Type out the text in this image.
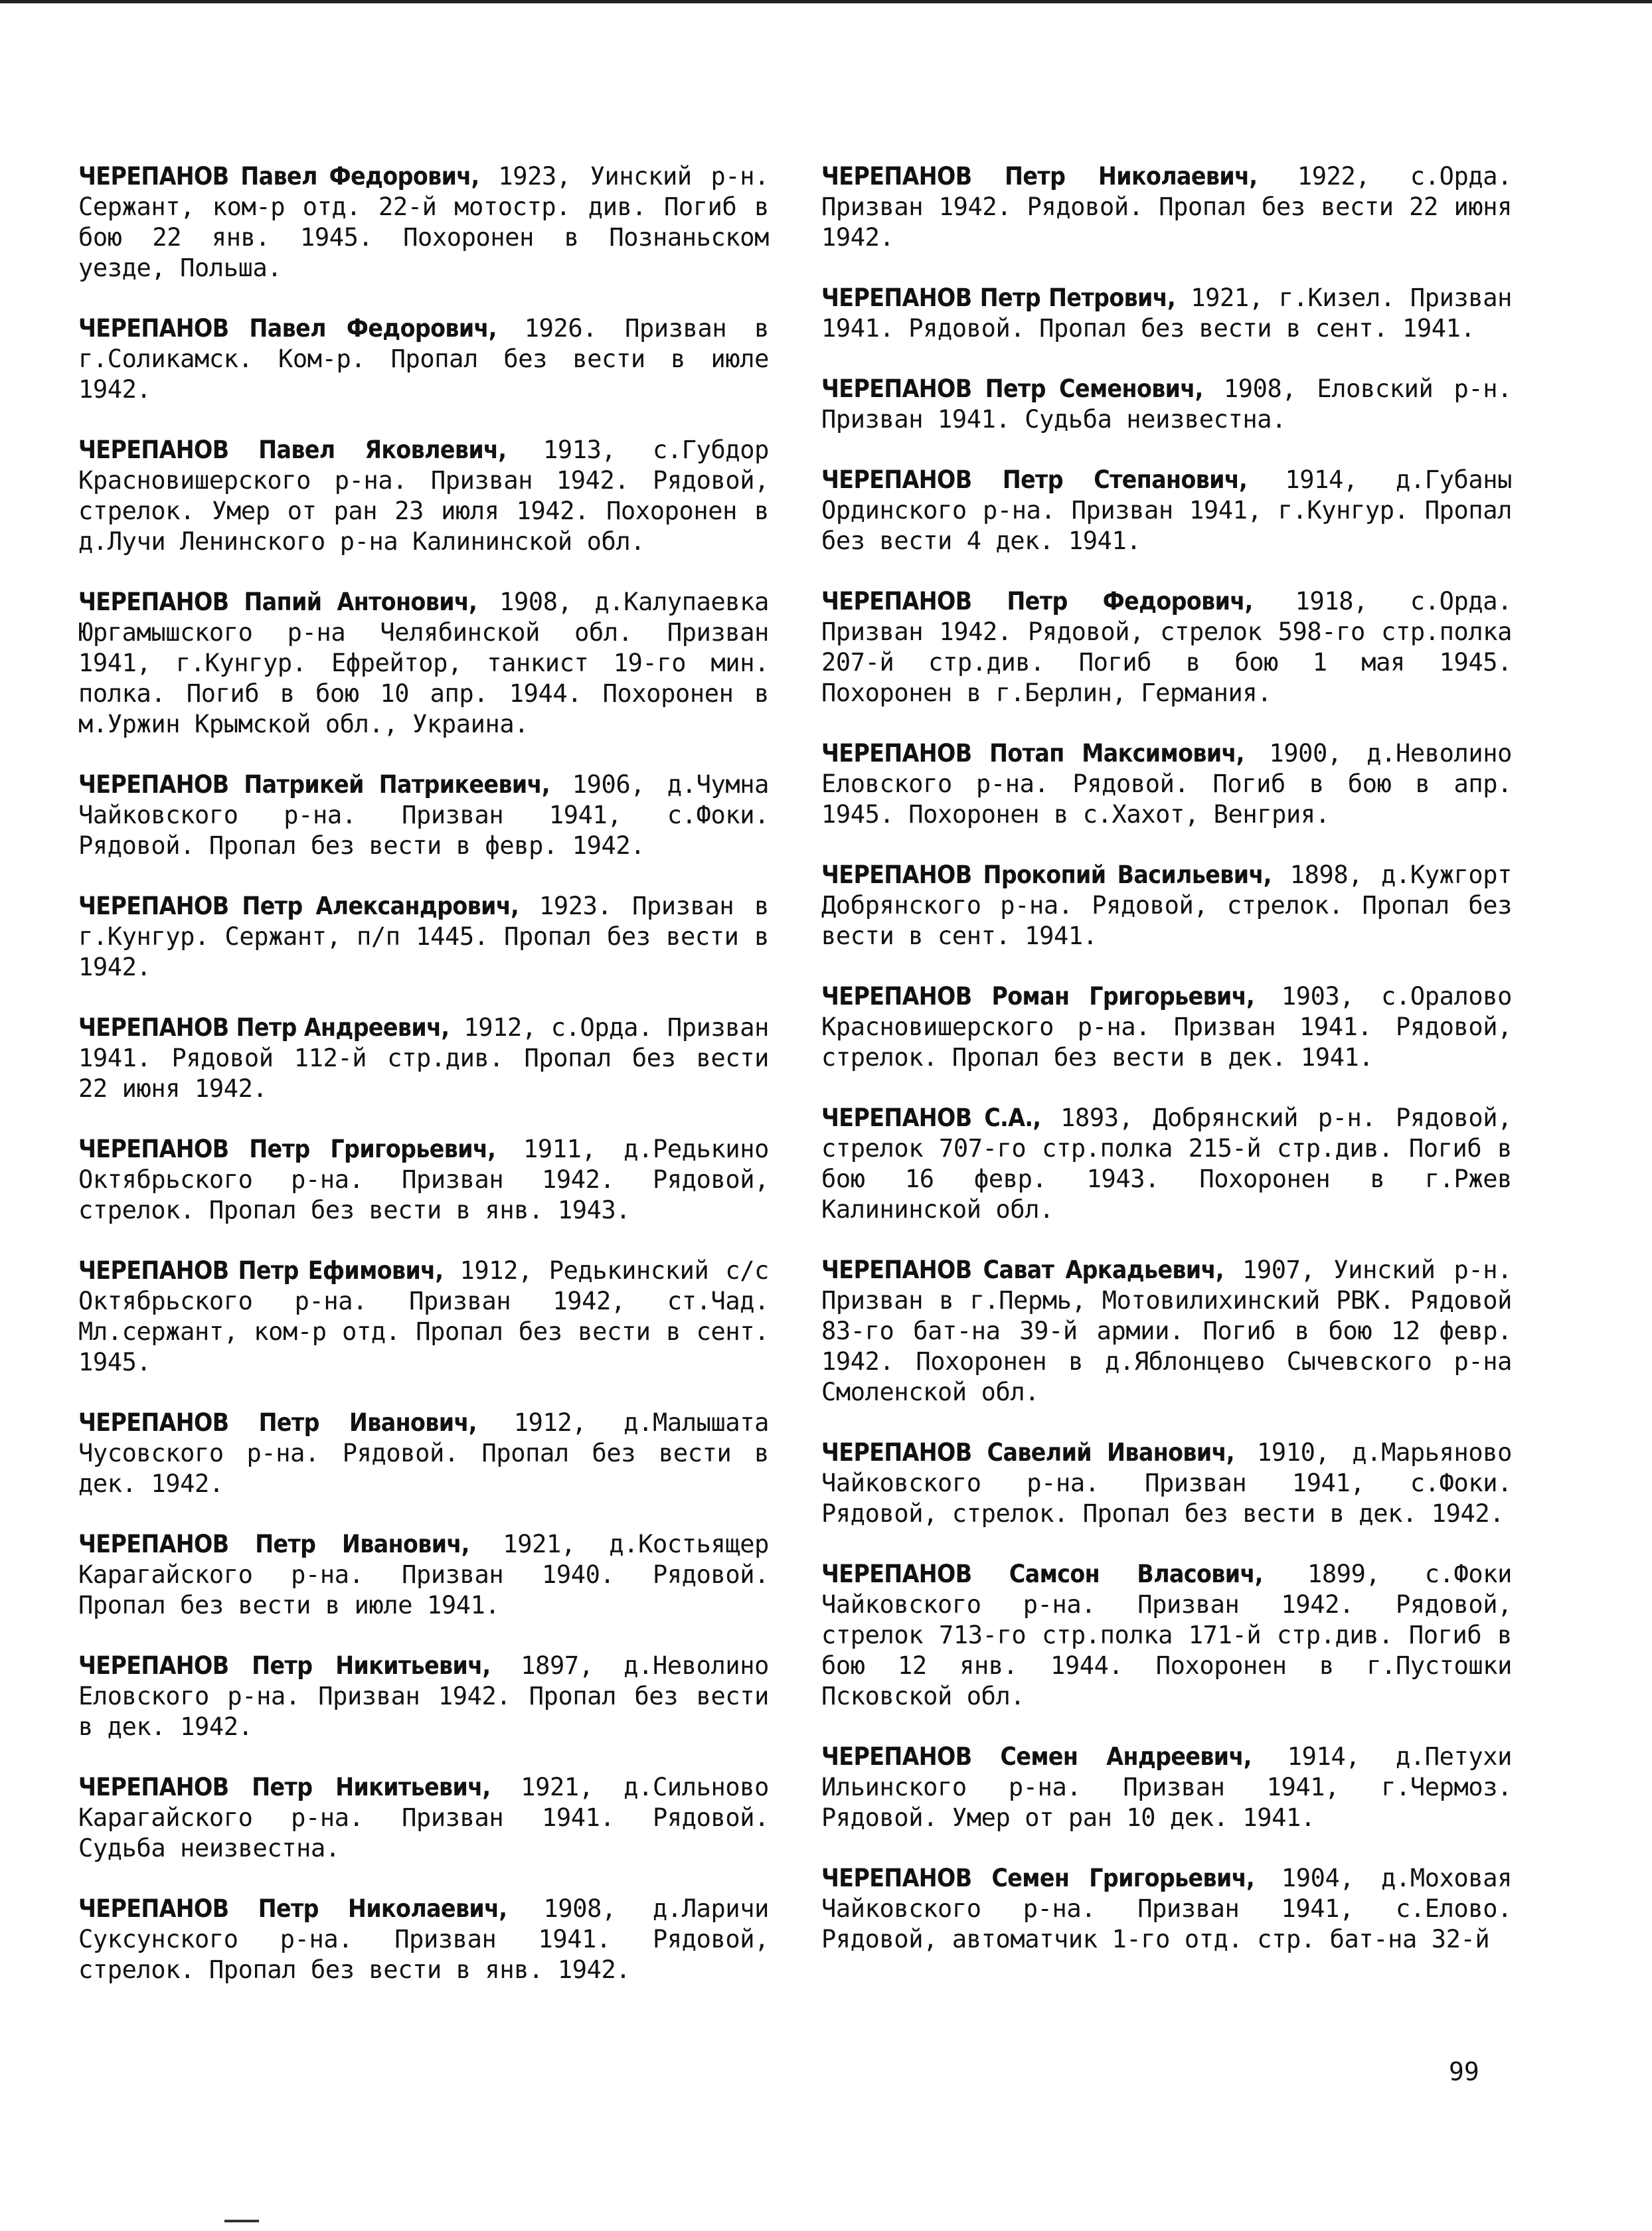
ЧЕРЕПАНОВ Павел Федорович, 1923, Уинский р-н. Сержант, ком-р отд. 22-й мотостр. див. Погиб в бою 22 янв. 1945. Похоронен в Познаньском уезде, Польша.

ЧЕРЕПАНОВ Павел Федорович, 1926. Призван в г.Соликамск. Ком-р. Пропал без вести в июле 1942.

ЧЕРЕПАНОВ Павел Яковлевич, 1913, с.Губдор Красновишерского р-на. Призван 1942. Рядовой, стрелок. Умер от ран 23 июля 1942. Похоронен в д.Лучи Ленинского р-на Калининской обл.

ЧЕРЕПАНОВ Папий Антонович, 1908, д.Калупаевка Юргамышского р-на Челябинской обл. Призван 1941, г.Кунгур. Ефрейтор, танкист 19-го мин. полка. Погиб в бою 10 апр. 1944. Похоронен в м.Уржин Крымской обл., Украина.

ЧЕРЕПАНОВ Патрикей Патрикеевич, 1906, д.Чумна Чайковского р-на. Призван 1941, с.Фоки. Рядовой. Пропал без вести в февр. 1942.

ЧЕРЕПАНОВ Петр Александрович, 1923. Призван в г.Кунгур. Сержант, п/п 1445. Пропал без вести в 1942.

ЧЕРЕПАНОВ Петр Андреевич, 1912, с.Орда. Призван 1941. Рядовой 112-й стр.див. Пропал без вести 22 июня 1942.

ЧЕРЕПАНОВ Петр Григорьевич, 1911, д.Редькино Октябрьского р-на. Призван 1942. Рядовой, стрелок. Пропал без вести в янв. 1943.

ЧЕРЕПАНОВ Петр Ефимович, 1912, Редькинский с/с Октябрьского р-на. Призван 1942, ст.Чад. Мл.сержант, ком-р отд. Пропал без вести в сент. 1945.

ЧЕРЕПАНОВ Петр Иванович, 1912, д.Малышата Чусовского р-на. Рядовой. Пропал без вести в дек. 1942.

ЧЕРЕПАНОВ Петр Иванович, 1921, д.Костьящер Карагайского р-на. Призван 1940. Рядовой. Пропал без вести в июле 1941.

ЧЕРЕПАНОВ Петр Никитьевич, 1897, д.Неволино Еловского р-на. Призван 1942. Пропал без вести в дек. 1942.

ЧЕРЕПАНОВ Петр Никитьевич, 1921, д.Сильново Карагайского р-на. Призван 1941. Рядовой. Судьба неизвестна.

ЧЕРЕПАНОВ Петр Николаевич, 1908, д.Ларичи Суксунского р-на. Призван 1941. Рядовой, стрелок. Пропал без вести в янв. 1942.

ЧЕРЕПАНОВ Петр Николаевич, 1922, с.Орда. Призван 1942. Рядовой. Пропал без вести 22 июня 1942.

ЧЕРЕПАНОВ Петр Петрович, 1921, г.Кизел. Призван 1941. Рядовой. Пропал без вести в сент. 1941.

ЧЕРЕПАНОВ Петр Семенович, 1908, Еловский р-н. Призван 1941. Судьба неизвестна.

ЧЕРЕПАНОВ Петр Степанович, 1914, д.Губаны Ординского р-на. Призван 1941, г.Кунгур. Пропал без вести 4 дек. 1941.

ЧЕРЕПАНОВ Петр Федорович, 1918, с.Орда. Призван 1942. Рядовой, стрелок 598-го стр.полка 207-й стр.див. Погиб в бою 1 мая 1945. Похоронен в г.Берлин, Германия.

ЧЕРЕПАНОВ Потап Максимович, 1900, д.Неволино Еловского р-на. Рядовой. Погиб в бою в апр. 1945. Похоронен в с.Хахот, Венгрия.

ЧЕРЕПАНОВ Прокопий Васильевич, 1898, д.Кужгорт Добрянского р-на. Рядовой, стрелок. Пропал без вести в сент. 1941.

ЧЕРЕПАНОВ Роман Григорьевич, 1903, с.Оралово Красновишерского р-на. Призван 1941. Рядовой, стрелок. Пропал без вести в дек. 1941.

ЧЕРЕПАНОВ С.А., 1893, Добрянский р-н. Рядовой, стрелок 707-го стр.полка 215-й стр.див. Погиб в бою 16 февр. 1943. Похоронен в г.Ржев Калининской обл.

ЧЕРЕПАНОВ Сават Аркадьевич, 1907, Уинский р-н. Призван в г.Пермь, Мотовилихинский РВК. Рядовой 83-го бат-на 39-й армии. Погиб в бою 12 февр. 1942. Похоронен в д.Яблонцево Сычевского р-на Смоленской обл.

ЧЕРЕПАНОВ Савелий Иванович, 1910, д.Марьяново Чайковского р-на. Призван 1941, с.Фоки. Рядовой, стрелок. Пропал без вести в дек. 1942.

ЧЕРЕПАНОВ Самсон Власович, 1899, с.Фоки Чайковского р-на. Призван 1942. Рядовой, стрелок 713-го стр.полка 171-й стр.див. Погиб в бою 12 янв. 1944. Похоронен в г.Пустошки Псковской обл.

ЧЕРЕПАНОВ Семен Андреевич, 1914, д.Петухи Ильинского р-на. Призван 1941, г.Чермоз. Рядовой. Умер от ран 10 дек. 1941.

ЧЕРЕПАНОВ Семен Григорьевич, 1904, д.Моховая Чайковского р-на. Призван 1941, с.Елово. Рядовой, автоматчик 1-го отд. стр. бат-на 32-й

99
